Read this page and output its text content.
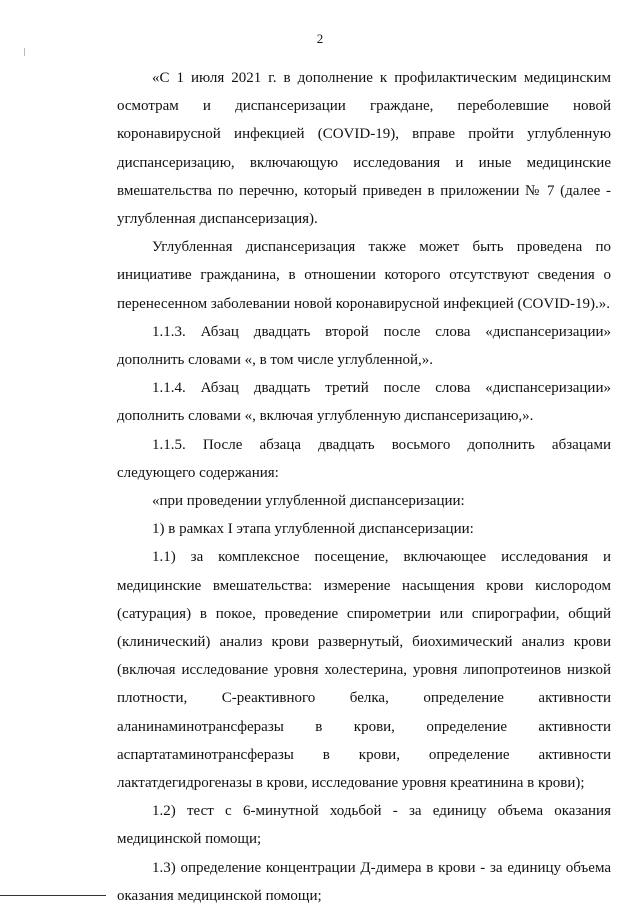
2

«С 1 июля 2021 г. в дополнение к профилактическим медицинским осмотрам и диспансеризации граждане, переболевшие новой коронавирусной инфекцией (COVID-19), вправе пройти углубленную диспансеризацию, включающую исследования и иные медицинские вмешательства по перечню, который приведен в приложении № 7 (далее - углубленная диспансеризация).

Углубленная диспансеризация также может быть проведена по инициативе гражданина, в отношении которого отсутствуют сведения о перенесенном заболевании новой коронавирусной инфекцией (COVID-19).».

1.1.3. Абзац двадцать второй после слова «диспансеризации» дополнить словами «, в том числе углубленной,».

1.1.4. Абзац двадцать третий после слова «диспансеризации» дополнить словами «, включая углубленную диспансеризацию,».

1.1.5. После абзаца двадцать восьмого дополнить абзацами следующего содержания:

«при проведении углубленной диспансеризации:

1) в рамках I этапа углубленной диспансеризации:

1.1) за комплексное посещение, включающее исследования и медицинские вмешательства: измерение насыщения крови кислородом (сатурация) в покое, проведение спирометрии или спирографии, общий (клинический) анализ крови развернутый, биохимический анализ крови (включая исследование уровня холестерина, уровня липопротеинов низкой плотности, С-реактивного белка, определение активности аланинаминотрансферазы в крови, определение активности аспартатаминотрансферазы в крови, определение активности лактатдегидрогеназы в крови, исследование уровня креатинина в крови);

1.2) тест с 6-минутной ходьбой - за единицу объема оказания медицинской помощи;

1.3) определение концентрации Д-димера в крови - за единицу объема оказания медицинской помощи;
